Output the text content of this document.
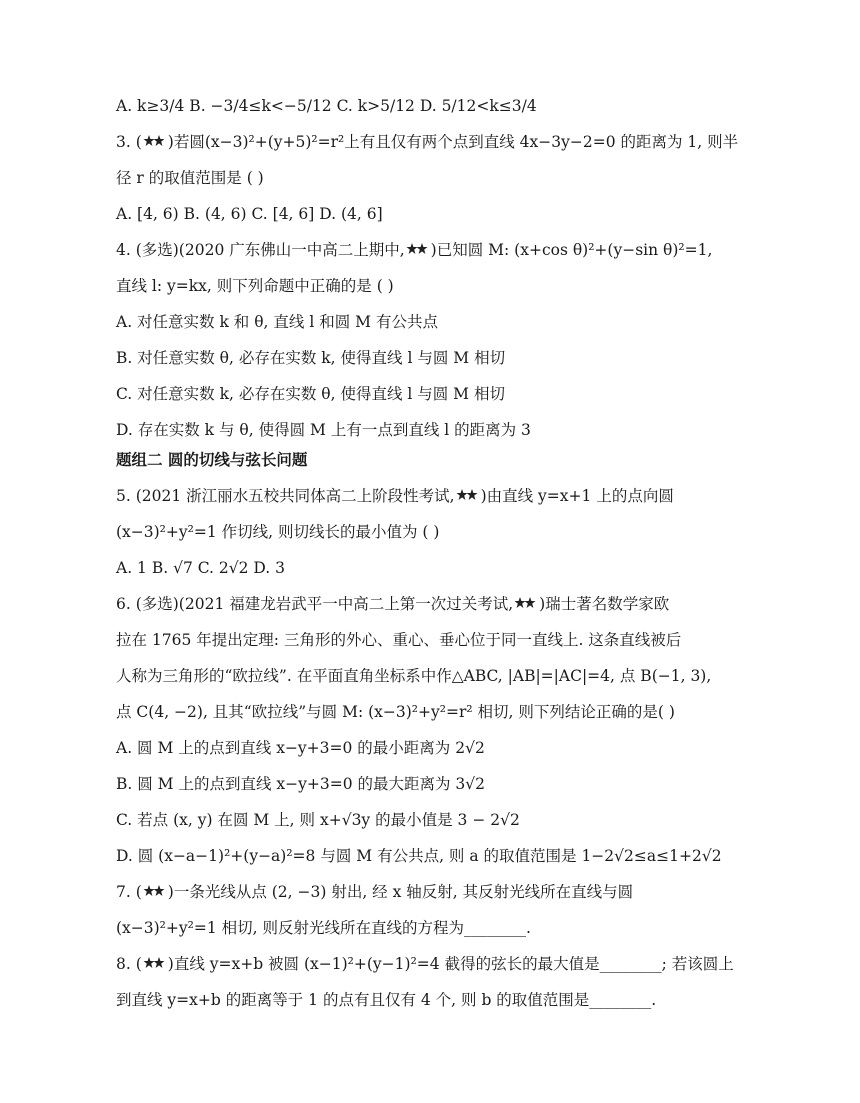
A. k≥3/4 B. −3/4≤k<−5/12 C. k>5/12 D. 5/12<k≤3/4
3. ( )若圆(x−3)²+(y+5)²=r²上有且仅有两个点到直线 4x−3y−2=0 的距离为 1, 则半
径 r 的取值范围是 ( )
A. [4, 6) B. (4, 6) C. [4, 6] D. (4, 6]
4. (多选)(2020 广东佛山一中高二上期中, )已知圆 M: (x+cos θ)²+(y−sin θ)²=1,
直线 l: y=kx, 则下列命题中正确的是 ( )
A. 对任意实数 k 和 θ, 直线 l 和圆 M 有公共点
B. 对任意实数 θ, 必存在实数 k, 使得直线 l 与圆 M 相切
C. 对任意实数 k, 必存在实数 θ, 使得直线 l 与圆 M 相切
D. 存在实数 k 与 θ, 使得圆 M 上有一点到直线 l 的距离为 3
题组二 圆的切线与弦长问题
5. (2021 浙江丽水五校共同体高二上阶段性考试, )由直线 y=x+1 上的点向圆
(x−3)²+y²=1 作切线, 则切线长的最小值为 ( )
A. 1 B. √7 C. 2√2 D. 3
6. (多选)(2021 福建龙岩武平一中高二上第一次过关考试, )瑞士著名数学家欧
拉在 1765 年提出定理: 三角形的外心、重心、垂心位于同一直线上. 这条直线被后
人称为三角形的“欧拉线”. 在平面直角坐标系中作△ABC, |AB|=|AC|=4, 点 B(−1, 3),
点 C(4, −2), 且其“欧拉线”与圆 M: (x−3)²+y²=r² 相切, 则下列结论正确的是( )
A. 圆 M 上的点到直线 x−y+3=0 的最小距离为 2√2
B. 圆 M 上的点到直线 x−y+3=0 的最大距离为 3√2
C. 若点 (x, y) 在圆 M 上, 则 x+√3y 的最小值是 3 − 2√2
D. 圆 (x−a−1)²+(y−a)²=8 与圆 M 有公共点, 则 a 的取值范围是 1−2√2≤a≤1+2√2
7. ( )一条光线从点 (2, −3) 射出, 经 x 轴反射, 其反射光线所在直线与圆
(x−3)²+y²=1 相切, 则反射光线所在直线的方程为________.
8. ( )直线 y=x+b 被圆 (x−1)²+(y−1)²=4 截得的弦长的最大值是________; 若该圆上
到直线 y=x+b 的距离等于 1 的点有且仅有 4 个, 则 b 的取值范围是________.
